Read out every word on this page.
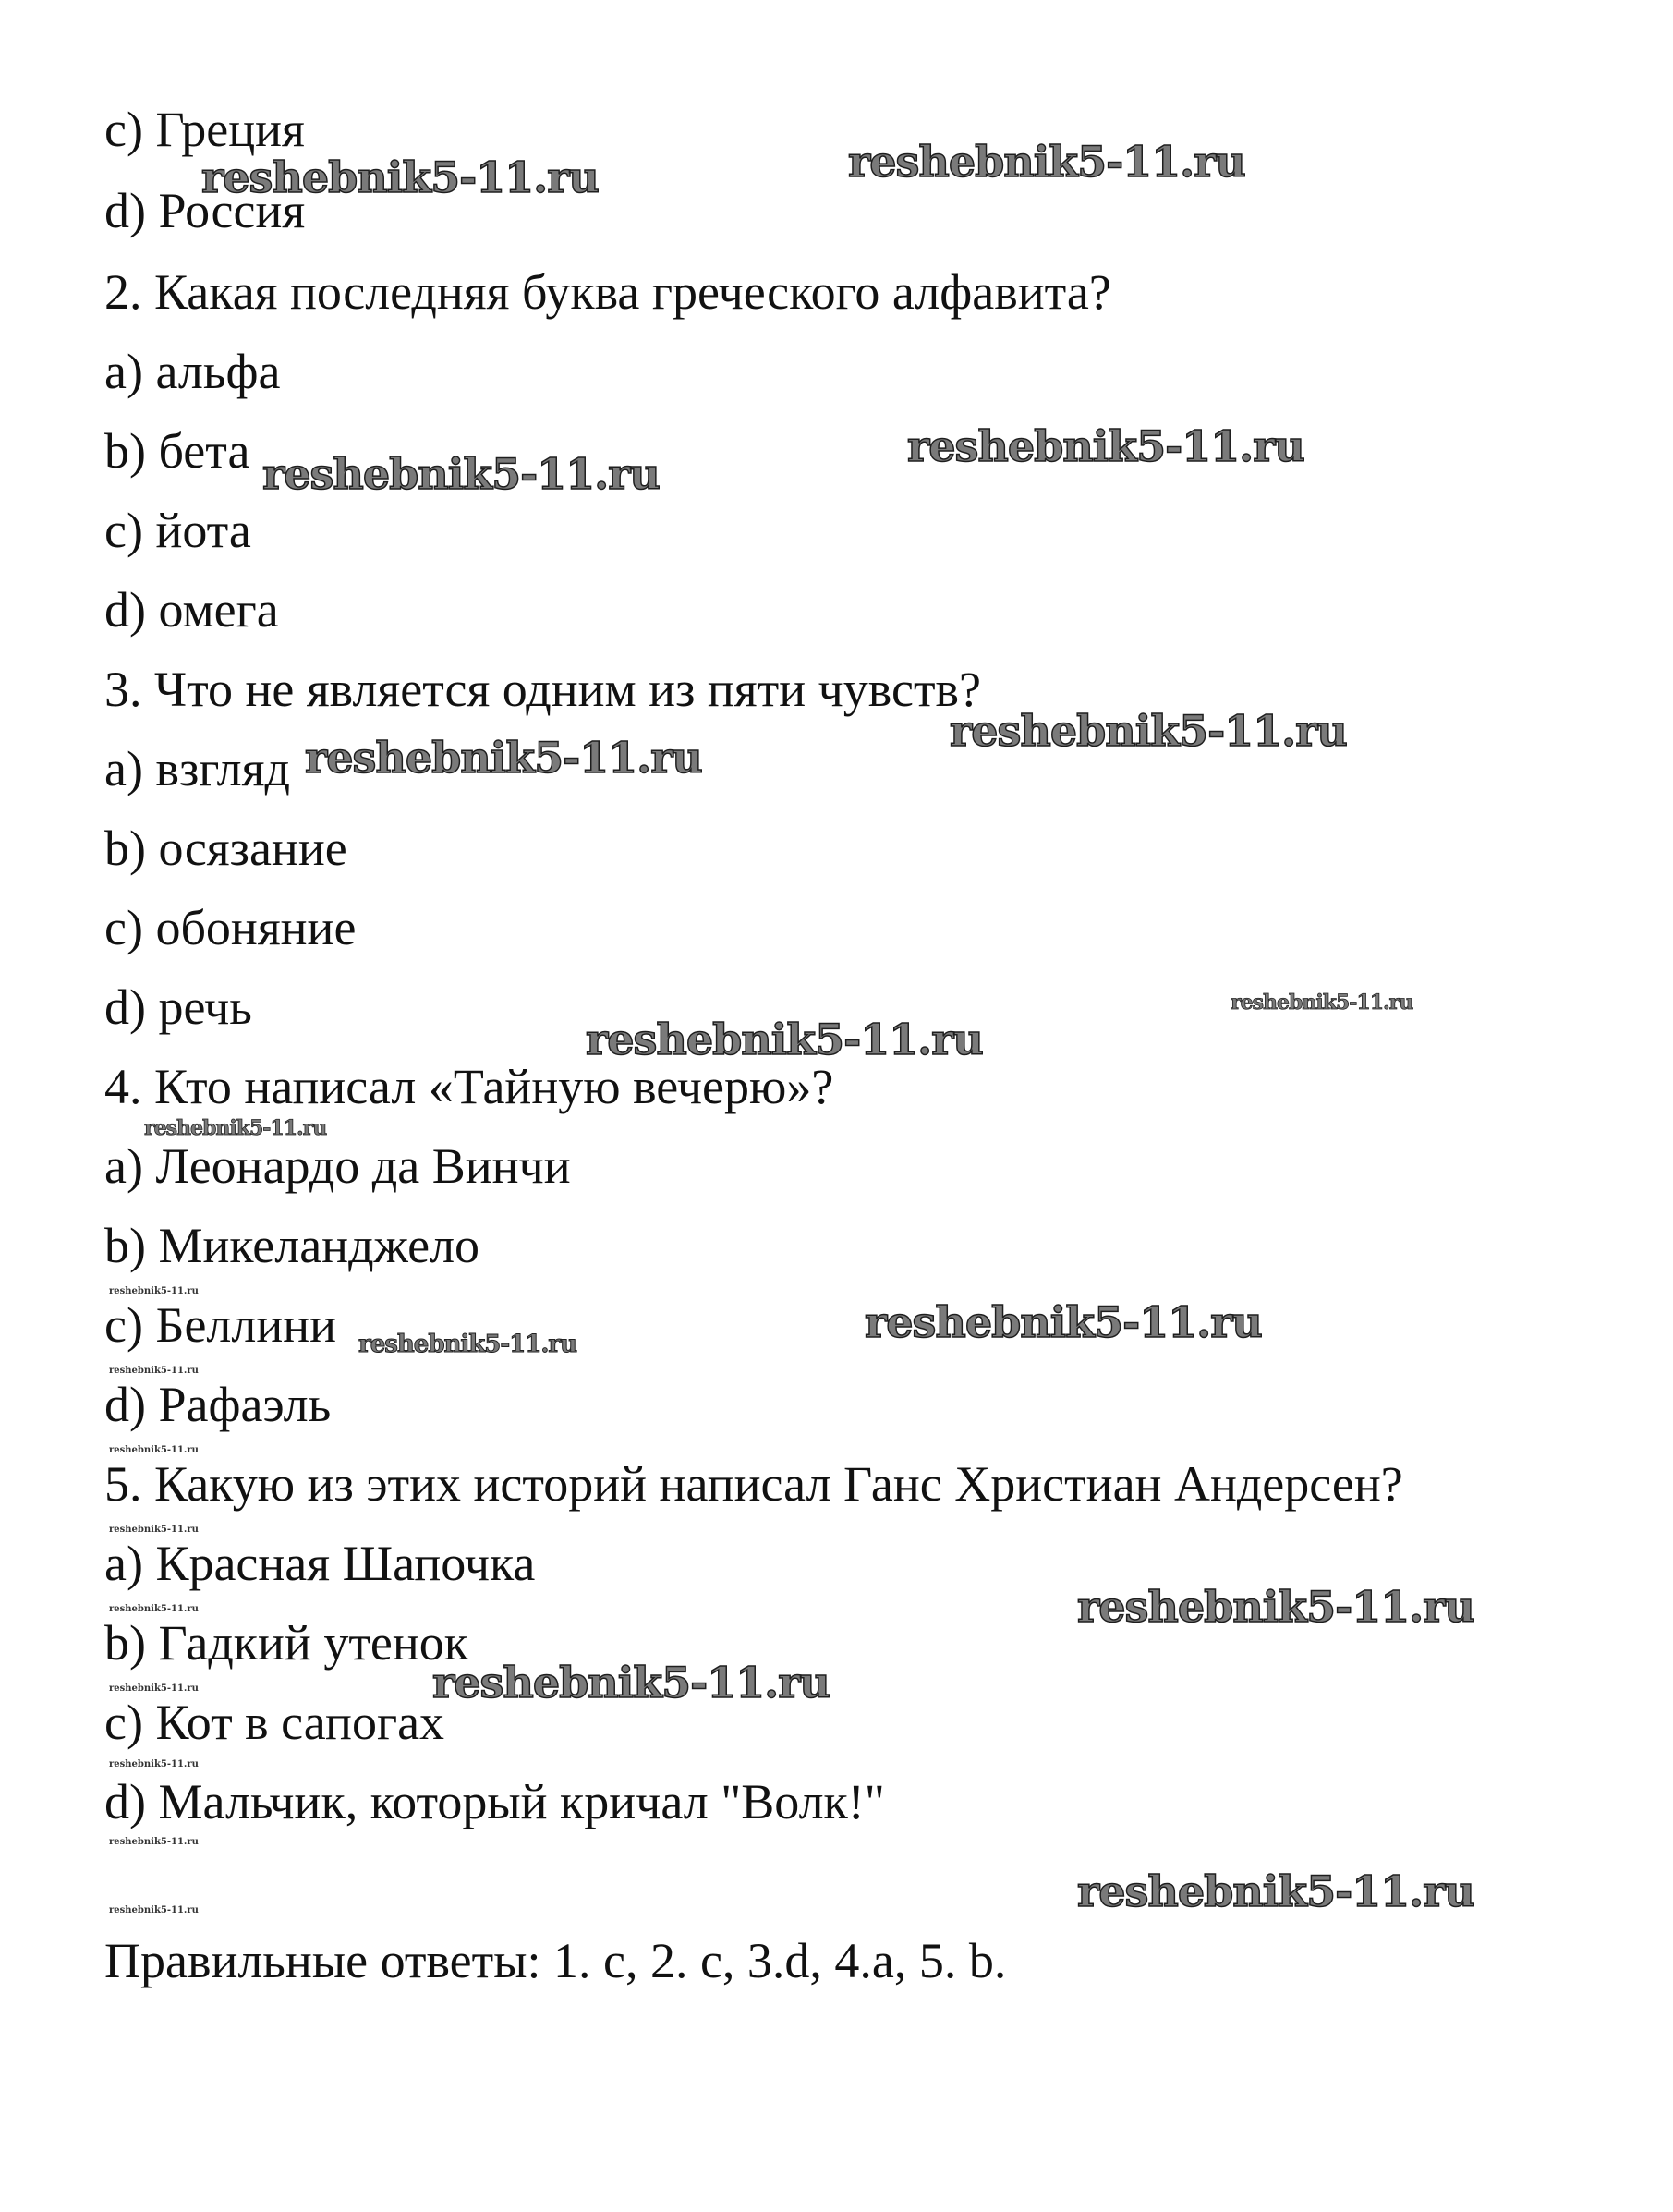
c) Греция

d) Россия

2. Какая последняя буква греческого алфавита?

a) альфа

b) бета

c) йота

d) омега

3. Что не является одним из пяти чувств?

a) взгляд

b) осязание

c) обоняние

d) речь

4. Кто написал «Тайную вечерю»?

a) Леонардо да Винчи

b) Микеланджело

c) Беллини

d) Рафаэль

5. Какую из этих историй написал Ганс Христиан Андерсен?

a) Красная Шапочка

b) Гадкий утенок

c) Кот в сапогах

d) Мальчик, который кричал "Волк!"

Правильные ответы: 1. c, 2. c, 3.d, 4.a, 5. b.

reshebnik5-11.ru	reshebnik5-11.ru
reshebnik5-11.ru
reshebnik5-11.ru
reshebnik5-11.ru
reshebnik5-11.ru
reshebnik5-11.ru
reshebnik5-11.ru
reshebnik5-11.ru
reshebnik5-11.ru
reshebnik5-11.ru
reshebnik5-11.ru
reshebnik5-11.ru
reshebnik5-11.ru
reshebnik5-11.ru
reshebnik5-11.ru
reshebnik5-11.ru
reshebnik5-11.ru
reshebnik5-11.ru
reshebnik5-11.ru
reshebnik5-11.ru
reshebnik5-11.ru
reshebnik5-11.ru
